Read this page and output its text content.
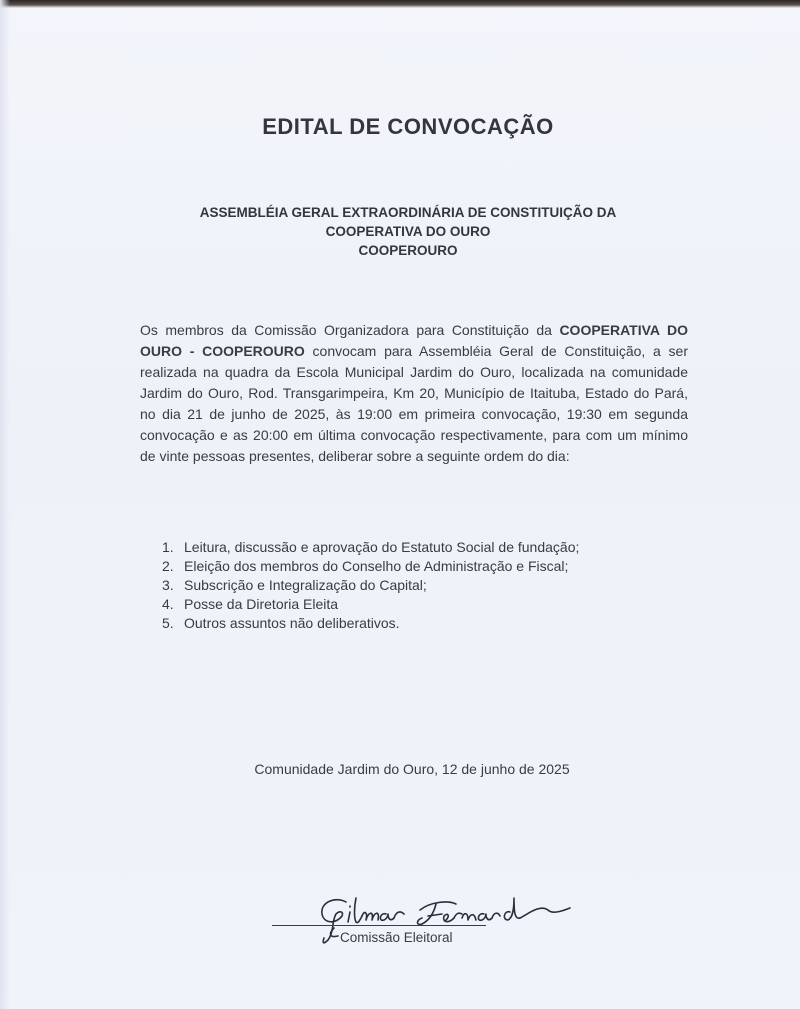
EDITAL DE CONVOCAÇÃO
ASSEMBLÉIA GERAL EXTRAORDINÁRIA DE CONSTITUIÇÃO DA
COOPERATIVA DO OURO
COOPEROURO
Os membros da Comissão Organizadora para Constituição da COOPERATIVA DO OURO - COOPEROURO convocam para Assembléia Geral de Constituição, a ser realizada na quadra da Escola Municipal Jardim do Ouro, localizada na comunidade Jardim do Ouro, Rod. Transgarimpeira, Km 20, Município de Itaituba, Estado do Pará, no dia 21 de junho de 2025, às 19:00 em primeira convocação, 19:30 em segunda convocação e as 20:00 em última convocação respectivamente, para com um mínimo de vinte pessoas presentes, deliberar sobre a seguinte ordem do dia:
1. Leitura, discussão e aprovação do Estatuto Social de fundação;
2. Eleição dos membros do Conselho de Administração e Fiscal;
3. Subscrição e Integralização do Capital;
4. Posse da Diretoria Eleita
5. Outros assuntos não deliberativos.
Comunidade Jardim do Ouro, 12 de junho de 2025
Comissão Eleitoral
